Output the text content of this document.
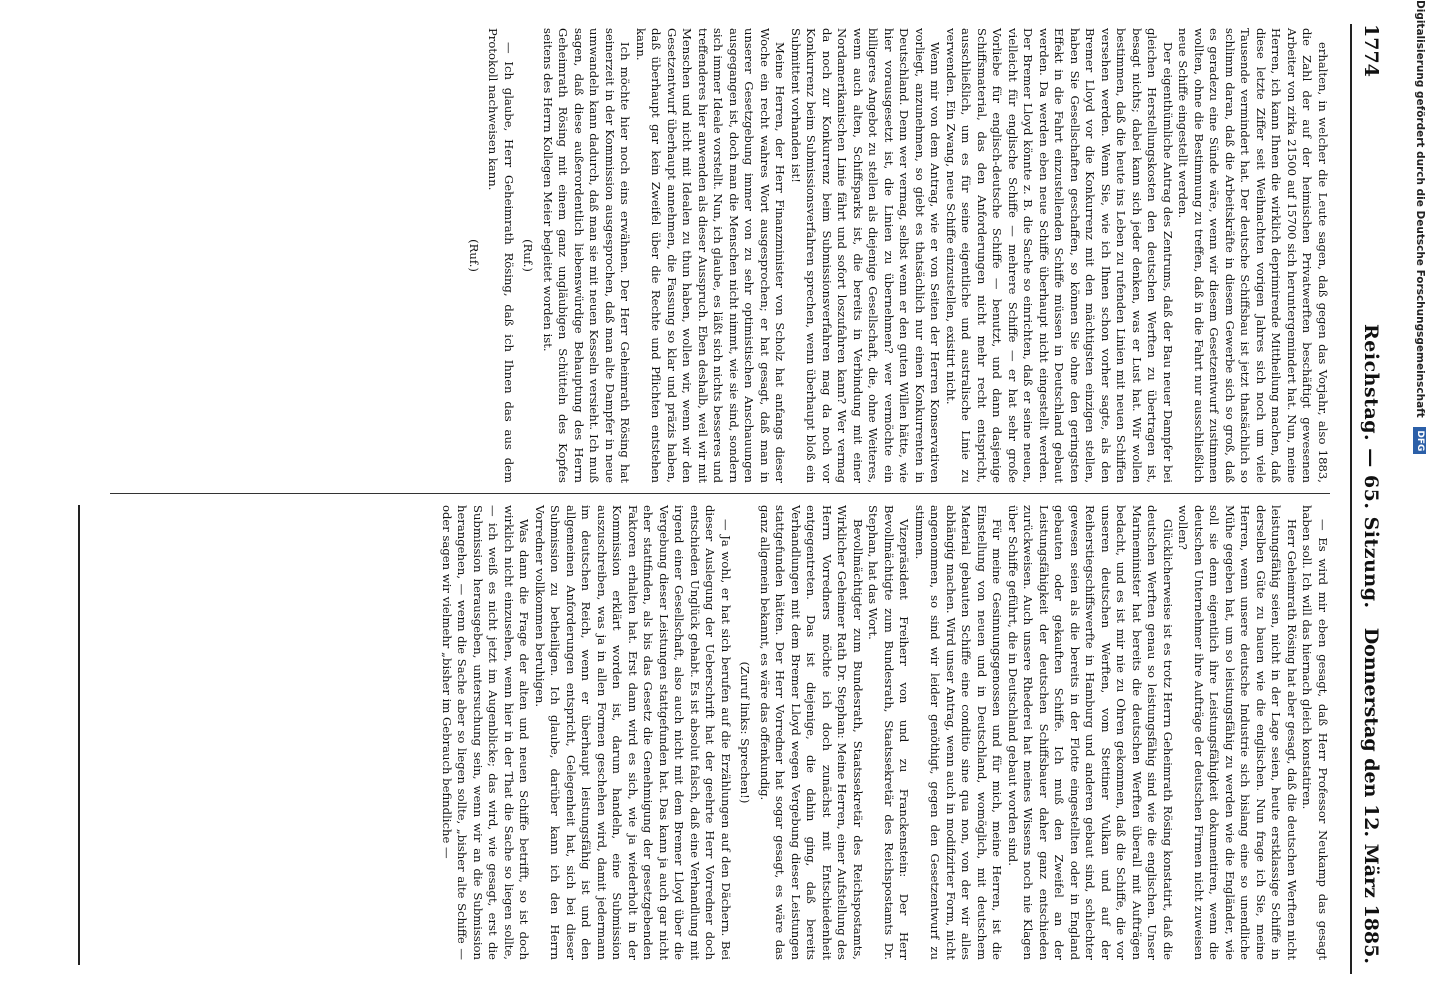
1774
Reichstag. — 65. Sitzung.
Donnerstag den 12. März 1885.

erhalten, in welcher die Leute sagen, daß gegen das Vorjahr, also 1883, die Zahl der auf der heimischen Privatwerften beschäftigt gewesenen Arbeiter von zirka 21500 auf 15700 sich heruntergemindert hat. Nun, meine Herren, ich kann Ihnen die wirklich deprimirende Mittheilung machen, daß diese letzte Ziffer seit Weihnachten vorigen Jahres sich noch um viele Tausende vermindert hat. Der deutsche Schiffsbau ist jetzt thatsächlich so schlimm daran, daß die Arbeitskräfte in diesem Gewerbe sich so groß, daß es geradezu eine Sünde wäre, wenn wir diesem Gesetzentwurf zustimmen wollten, ohne die Bestimmung zu treffen, daß in die Fahrt nur ausschließlich neue Schiffe eingestellt werden.

Der eigenthümliche Antrag des Zentrums, daß der Bau neuer Dampfer bei gleichen Herstellungskosten den deutschen Werften zu übertragen ist, besagt nichts; dabei kann sich jeder denken, was er Lust hat. Wir wollen bestimmen, daß die heute ins Leben zu rufenden Linien mit neuen Schiffen versehen werden. Wenn Sie, wie ich Ihnen schon vorher sagte, als den Bremer Lloyd vor die Konkurrenz mit den mächtigsten einzigen stellen, haben Sie Gesellschaften geschaffen, so können Sie ohne den geringsten Effekt in die Fahrt einzustellenden Schiffe müssen in Deutschland gebaut werden. Da werden eben neue Schiffe überhaupt nicht eingestellt werden. Der Bremer Lloyd könnte z. B. die Sache so einrichten, daß er seine neuen, vielleicht für englische Schiffe — mehrere Schiffe — er hat sehr große Vorliebe für englisch-deutsche Schiffe — benutzt, und dann dasjenige Schiffsmaterial, das den Anforderungen nicht mehr recht entspricht, ausschließlich, um es für seine eigentliche und australische Linie zu verwenden. Ein Zwang, neue Schiffe einzustellen, existirt nicht.

Wenn mir von dem Antrag, wie er von Seiten der Herren Konservativen vorliegt, anzunehmen, so giebt es thatsächlich nur einen Konkurrenten in Deutschland. Denn wer vermag, selbst wenn er den guten Willen hätte, wie hier vorausgesetzt ist, die Linien zu übernehmen? wer vermöchte ein billigeres Angebot zu stellen als diejenige Gesellschaft, die, ohne Weiteres, wenn auch alten, Schiffsparks ist, die bereits in Verbindung mit einer Nordamerikanischen Linie fährt und sofort loszufahren kann? Wer vermag da noch zur Konkurrenz beim Submissionsverfahren mag da noch vor Konkurrenz beim Submissionsverfahren sprechen, wenn überhaupt bloß ein Submittent vorhanden ist!

Meine Herren, der Herr Finanzminister von Scholz hat anfangs dieser Woche ein recht wahres Wort ausgesprochen; er hat gesagt, daß man in unserer Gesetzgebung immer von zu sehr optimistischen Anschauungen ausgegangen ist, doch man die Menschen nicht nimmt, wie sie sind, sondern sich immer Ideale vorstellt. Nun, ich glaube, es läßt sich nichts besseres und treffenderes hier anwenden als dieser Ausspruch. Eben deshalb, weil wir mit Menschen und nicht mit Idealen zu thun haben, wollen wir, wenn wir den Gesetzentwurf überhaupt annehmen, die Fassung so klar und präzis haben, daß überhaupt gar kein Zweifel über die Rechte und Pflichten entstehen kann.

Ich möchte hier noch eins erwähnen. Der Herr Geheimrath Rösing hat seinerzeit in der Kommission ausgesprochen, daß man alte Dampfer in neue umwandeln kann dadurch, daß man sie mit neuen Kesseln versieht. Ich muß sagen, daß diese außerordentlich liebenswürdige Behauptung des Herrn Geheimrath Rösing mit einem ganz ungläubigen Schütteln des Kopfes seitens des Herrn Kollegen Meier begleitet worden ist.

(Ruf.)

— Ich glaube, Herr Geheimrath Rösing, daß ich Ihnen das aus dem Protokoll nachweisen kann.

(Ruf.)

— Es wird mir eben gesagt, daß Herr Professor Neukamp das gesagt haben soll. Ich will das hiernach gleich konstatiren.

Herr Geheimrath Rösing hat aber gesagt, daß die deutschen Werften nicht leistungsfähig seien, nicht in der Lage seien, heute erstklassige Schiffe in derselben Güte zu bauen wie die englischen. Nun frage ich Sie, meine Herren, wenn unsere deutsche Industrie sich bislang eine so unendliche Mühe gegeben hat, um so leistungsfähig zu werden wie die Engländer, wie soll sie denn eigentlich ihre Leistungsfähigkeit dokumentiren, wenn die deutschen Unternehmer ihre Aufträge der deutschen Firmen nicht zuweisen wollen?

Glücklicherweise ist es trotz Herrn Geheimrath Rösing konstatirt, daß die deutschen Werften genau so leistungsfähig sind wie die englischen. Unser Marineminister hat bereits die deutschen Werften überall mit Aufträgen bedacht, und es ist mir nie zu Ohren gekommen, daß die Schiffe, die vor unseren deutschen Werften, vom Stettiner Vulkan und auf der Reiherstiegschiffswerfte in Hamburg und anderen gebaut sind, schlechter gewesen seien als die bereits in der Flotte eingestellten oder in England gebauten oder gekauften Schiffe. Ich muß den Zweifel an der Leistungsfähigkeit der deutschen Schiffsbauer daher ganz entschieden zurückweisen. Auch unsere Rhederei hat meines Wissens noch nie Klagen über Schiffe geführt, die in Deutschland gebaut worden sind.

Für meine Gesinnungsgenossen und für mich, meine Herren, ist die Einstellung von neuen und in Deutschland, womöglich, mit deutschem Material gebauten Schiffe eine conditio sine qua non, von der wir alles abhängig machen. Wird unser Antrag, wenn auch in modifizirter Form, nicht angenommen, so sind wir leider genöthigt, gegen den Gesetzentwurf zu stimmen.

Vizepräsident Freiherr von und zu Franckenstein: Der Herr Bevollmächtigte zum Bundesrath, Staatssekretär des Reichspostamts Dr. Stephan, hat das Wort.

Bevollmächtigter zum Bundesrath, Staatssekretär des Reichspostamts, Wirklicher Geheimer Rath Dr. Stephan: Meine Herren, einer Aufstellung des Herrn Vorredners möchte ich doch zunächst mit Entschiedenheit entgegentreten. Das ist diejenige, die dahin ging, daß bereits Verhandlungen mit dem Bremer Lloyd wegen Vergebung dieser Leistungen stattgefunden hätten. Der Herr Vorredner hat sogar gesagt, es wäre das ganz allgemein bekannt, es wäre das offenkundig.

(Zuruf links: Sprechen!)

— Ja wohl, er hat sich berufen auf die Erzählungen auf den Dächern. Bei dieser Auslegung der Ueberschrift hat der geehrte Herr Vorredner doch entschieden Unglück gehabt. Es ist absolut falsch, daß eine Verhandlung mit irgend einer Gesellschaft, also auch nicht mit dem Bremer Lloyd über die Vergebung dieser Leistungen stattgefunden hat. Das kann ja auch gar nicht eher stattfinden, als bis das Gesetz die Genehmigung der gesetzgebenden Faktoren erhalten hat. Erst dann wird es sich, wie ja wiederholt in der Kommission erklärt worden ist, darum handeln, eine Submission auszuschreiben, was ja in allen Formen geschehen wird, damit jedermann im deutschen Reich, wenn er überhaupt leistungsfähig ist und den allgemeinen Anforderungen entspricht, Gelegenheit hat, sich bei dieser Submission zu betheiligen. Ich glaube, darüber kann ich den Herrn Vorredner vollkommen beruhigen.

Was dann die Frage der alten und neuen Schiffe betrifft, so ist doch wirklich nicht einzusehen, wenn hier in der That die Sache so liegen sollte, — ich weiß es nicht jetzt im Augenblicke; das wird, wie gesagt, erst die Submission herausgeben, untersuchung sein, wenn wir an die Submission herangehen, — wenn die Sache aber so liegen sollte, „bisher alte Schiffe — oder sagen wir vielmehr „bisher im Gebrauch befindliche —

Digitalisierung gefördert durch die Deutsche Forschungsgemeinschaft DFG
